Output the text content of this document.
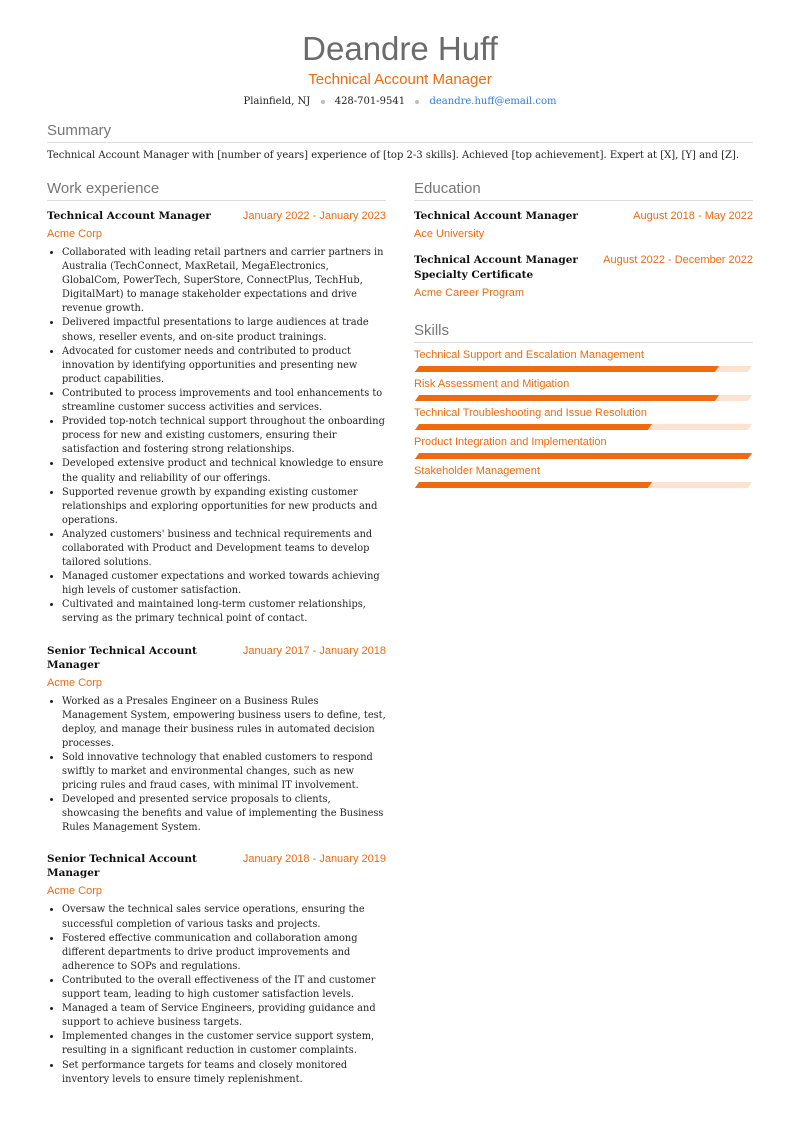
Deandre Huff
Technical Account Manager
Plainfield, NJ 428-701-9541 deandre.huff@email.com
Summary

Technical Account Manager with [number of years] experience of [top 2-3 skills]. Achieved [top achievement]. Expert at [X], [Y] and [Z].

Work experience
Technical Account Manager	January 2022 - January 2023
Acme Corp
• Collaborated with leading retail partners and carrier partners in Australia (TechConnect, MaxRetail, MegaElectronics, GlobalCom, PowerTech, SuperStore, ConnectPlus, TechHub, DigitalMart) to manage stakeholder expectations and drive revenue growth.
• Delivered impactful presentations to large audiences at trade shows, reseller events, and on-site product trainings.
• Advocated for customer needs and contributed to product innovation by identifying opportunities and presenting new product capabilities.
• Contributed to process improvements and tool enhancements to streamline customer success activities and services.
• Provided top-notch technical support throughout the onboarding process for new and existing customers, ensuring their satisfaction and fostering strong relationships.
• Developed extensive product and technical knowledge to ensure the quality and reliability of our offerings.
• Supported revenue growth by expanding existing customer relationships and exploring opportunities for new products and operations.
• Analyzed customers' business and technical requirements and collaborated with Product and Development teams to develop tailored solutions.
• Managed customer expectations and worked towards achieving high levels of customer satisfaction.
• Cultivated and maintained long-term customer relationships, serving as the primary technical point of contact.
Senior Technical Account Manager
January 2017 - January 2018
Acme Corp
• Worked as a Presales Engineer on a Business Rules Management System, empowering business users to define, test, deploy, and manage their business rules in automated decision processes.
• Sold innovative technology that enabled customers to respond swiftly to market and environmental changes, such as new pricing rules and fraud cases, with minimal IT involvement.
• Developed and presented service proposals to clients, showcasing the benefits and value of implementing the Business Rules Management System.
Senior Technical Account Manager
January 2018 - January 2019
Acme Corp
• Oversaw the technical sales service operations, ensuring the successful completion of various tasks and projects.
• Fostered effective communication and collaboration among different departments to drive product improvements and adherence to SOPs and regulations.
• Contributed to the overall effectiveness of the IT and customer support team, leading to high customer satisfaction levels.
• Managed a team of Service Engineers, providing guidance and support to achieve business targets.
• Implemented changes in the customer service support system, resulting in a significant reduction in customer complaints.
• Set performance targets for teams and closely monitored inventory levels to ensure timely replenishment.
Education
Technical Account Manager	August 2018 - May 2022
Ace University
Technical Account Manager Specialty Certificate
August 2022 - December 2022
Acme Career Program
Skills
Technical Support and Escalation Management
Risk Assessment and Mitigation
Technical Troubleshooting and Issue Resolution
Product Integration and Implementation
Stakeholder Management
